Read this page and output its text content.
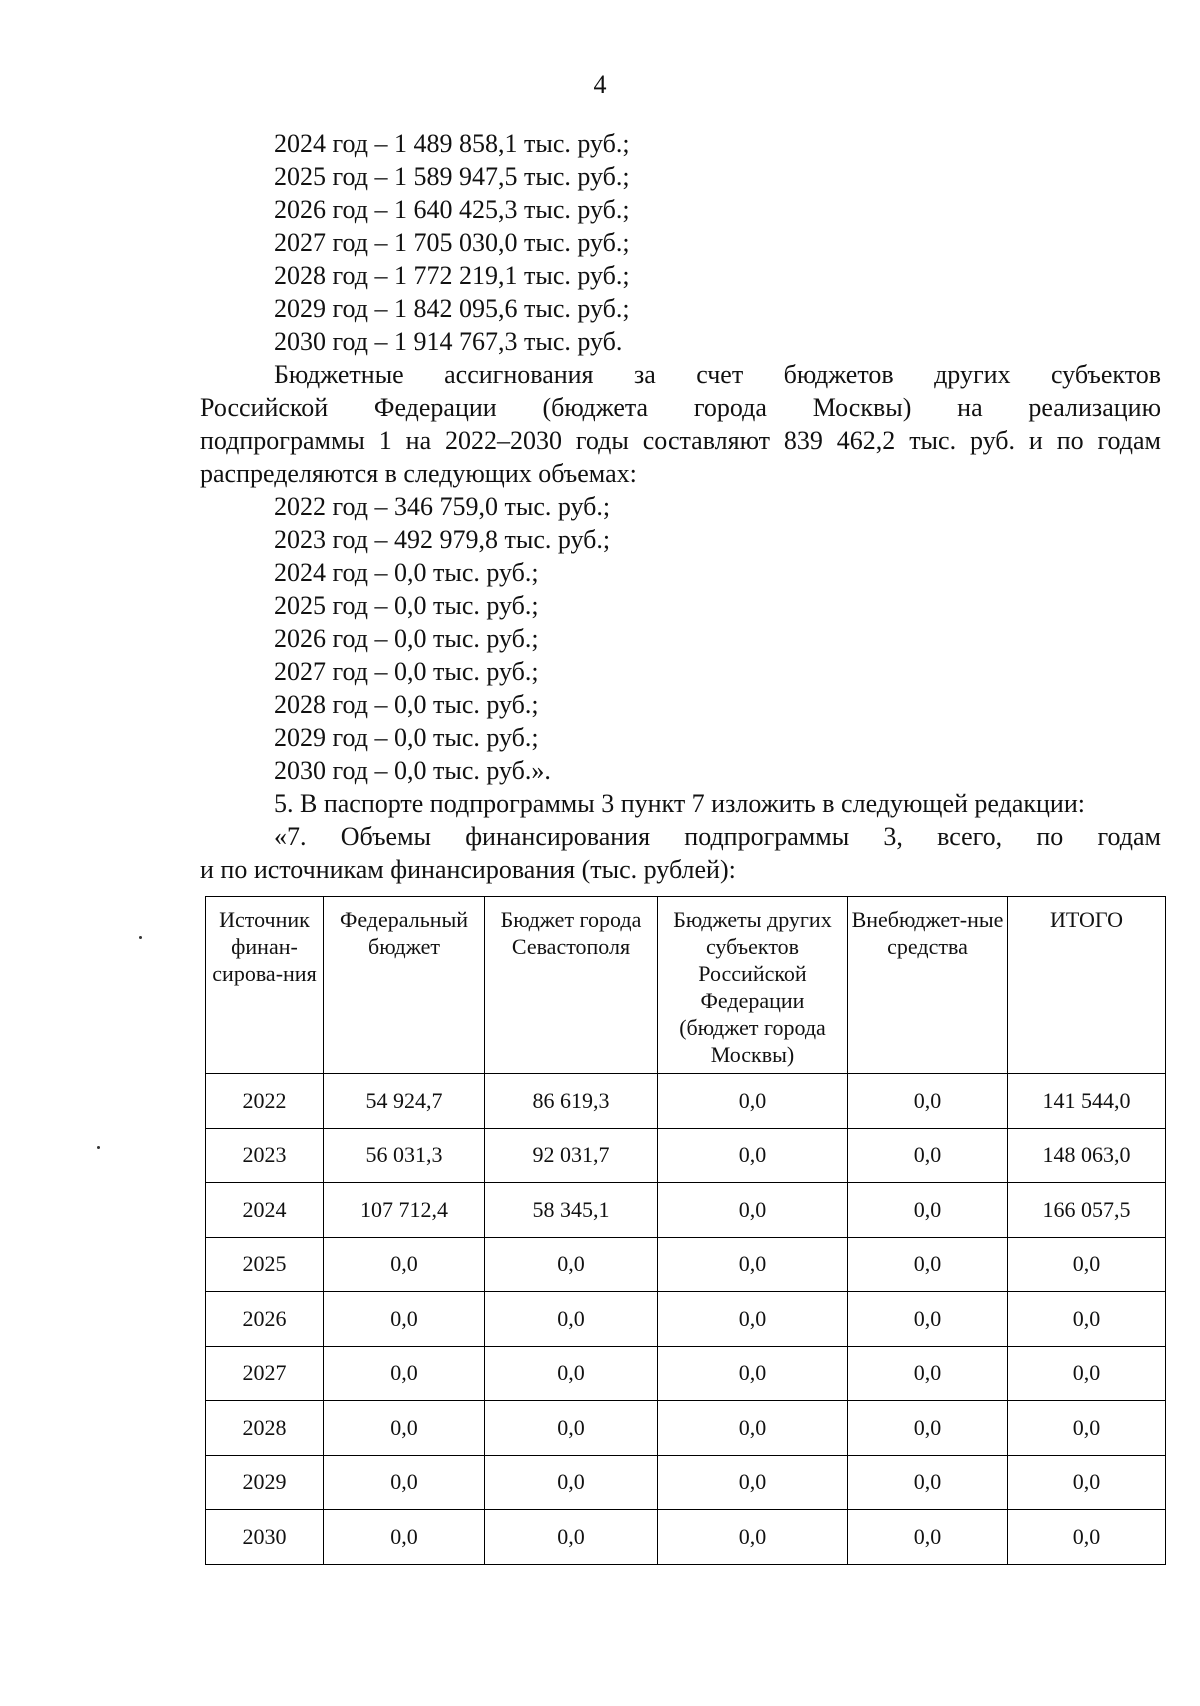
4
2024 год – 1 489 858,1 тыс. руб.;
2025 год – 1 589 947,5 тыс. руб.;
2026 год – 1 640 425,3 тыс. руб.;
2027 год – 1 705 030,0 тыс. руб.;
2028 год – 1 772 219,1 тыс. руб.;
2029 год – 1 842 095,6 тыс. руб.;
2030 год – 1 914 767,3 тыс. руб.
Бюджетные ассигнования за счет бюджетов других субъектов
Российской Федерации (бюджета города Москвы) на реализацию
подпрограммы 1 на 2022–2030 годы составляют 839 462,2 тыс. руб. и по годам
распределяются в следующих объемах:
2022 год – 346 759,0 тыс. руб.;
2023 год – 492 979,8 тыс. руб.;
2024 год – 0,0 тыс. руб.;
2025 год – 0,0 тыс. руб.;
2026 год – 0,0 тыс. руб.;
2027 год – 0,0 тыс. руб.;
2028 год – 0,0 тыс. руб.;
2029 год – 0,0 тыс. руб.;
2030 год – 0,0 тыс. руб.».
5. В паспорте подпрограммы 3 пункт 7 изложить в следующей редакции:
«7. Объемы финансирования подпрограммы 3, всего, по годам
и по источникам финансирования (тыс. рублей):
Источник финан-сирова-ния	Федеральный бюджет	Бюджет города Севастополя	Бюджеты других субъектов Российской Федерации (бюджет города Москвы)	Внебюджет-ные средства	ИТОГО
2022	54 924,7	86 619,3	0,0	0,0	141 544,0
2023	56 031,3	92 031,7	0,0	0,0	148 063,0
2024	107 712,4	58 345,1	0,0	0,0	166 057,5
2025	0,0	0,0	0,0	0,0	0,0
2026	0,0	0,0	0,0	0,0	0,0
2027	0,0	0,0	0,0	0,0	0,0
2028	0,0	0,0	0,0	0,0	0,0
2029	0,0	0,0	0,0	0,0	0,0
2030	0,0	0,0	0,0	0,0	0,0
